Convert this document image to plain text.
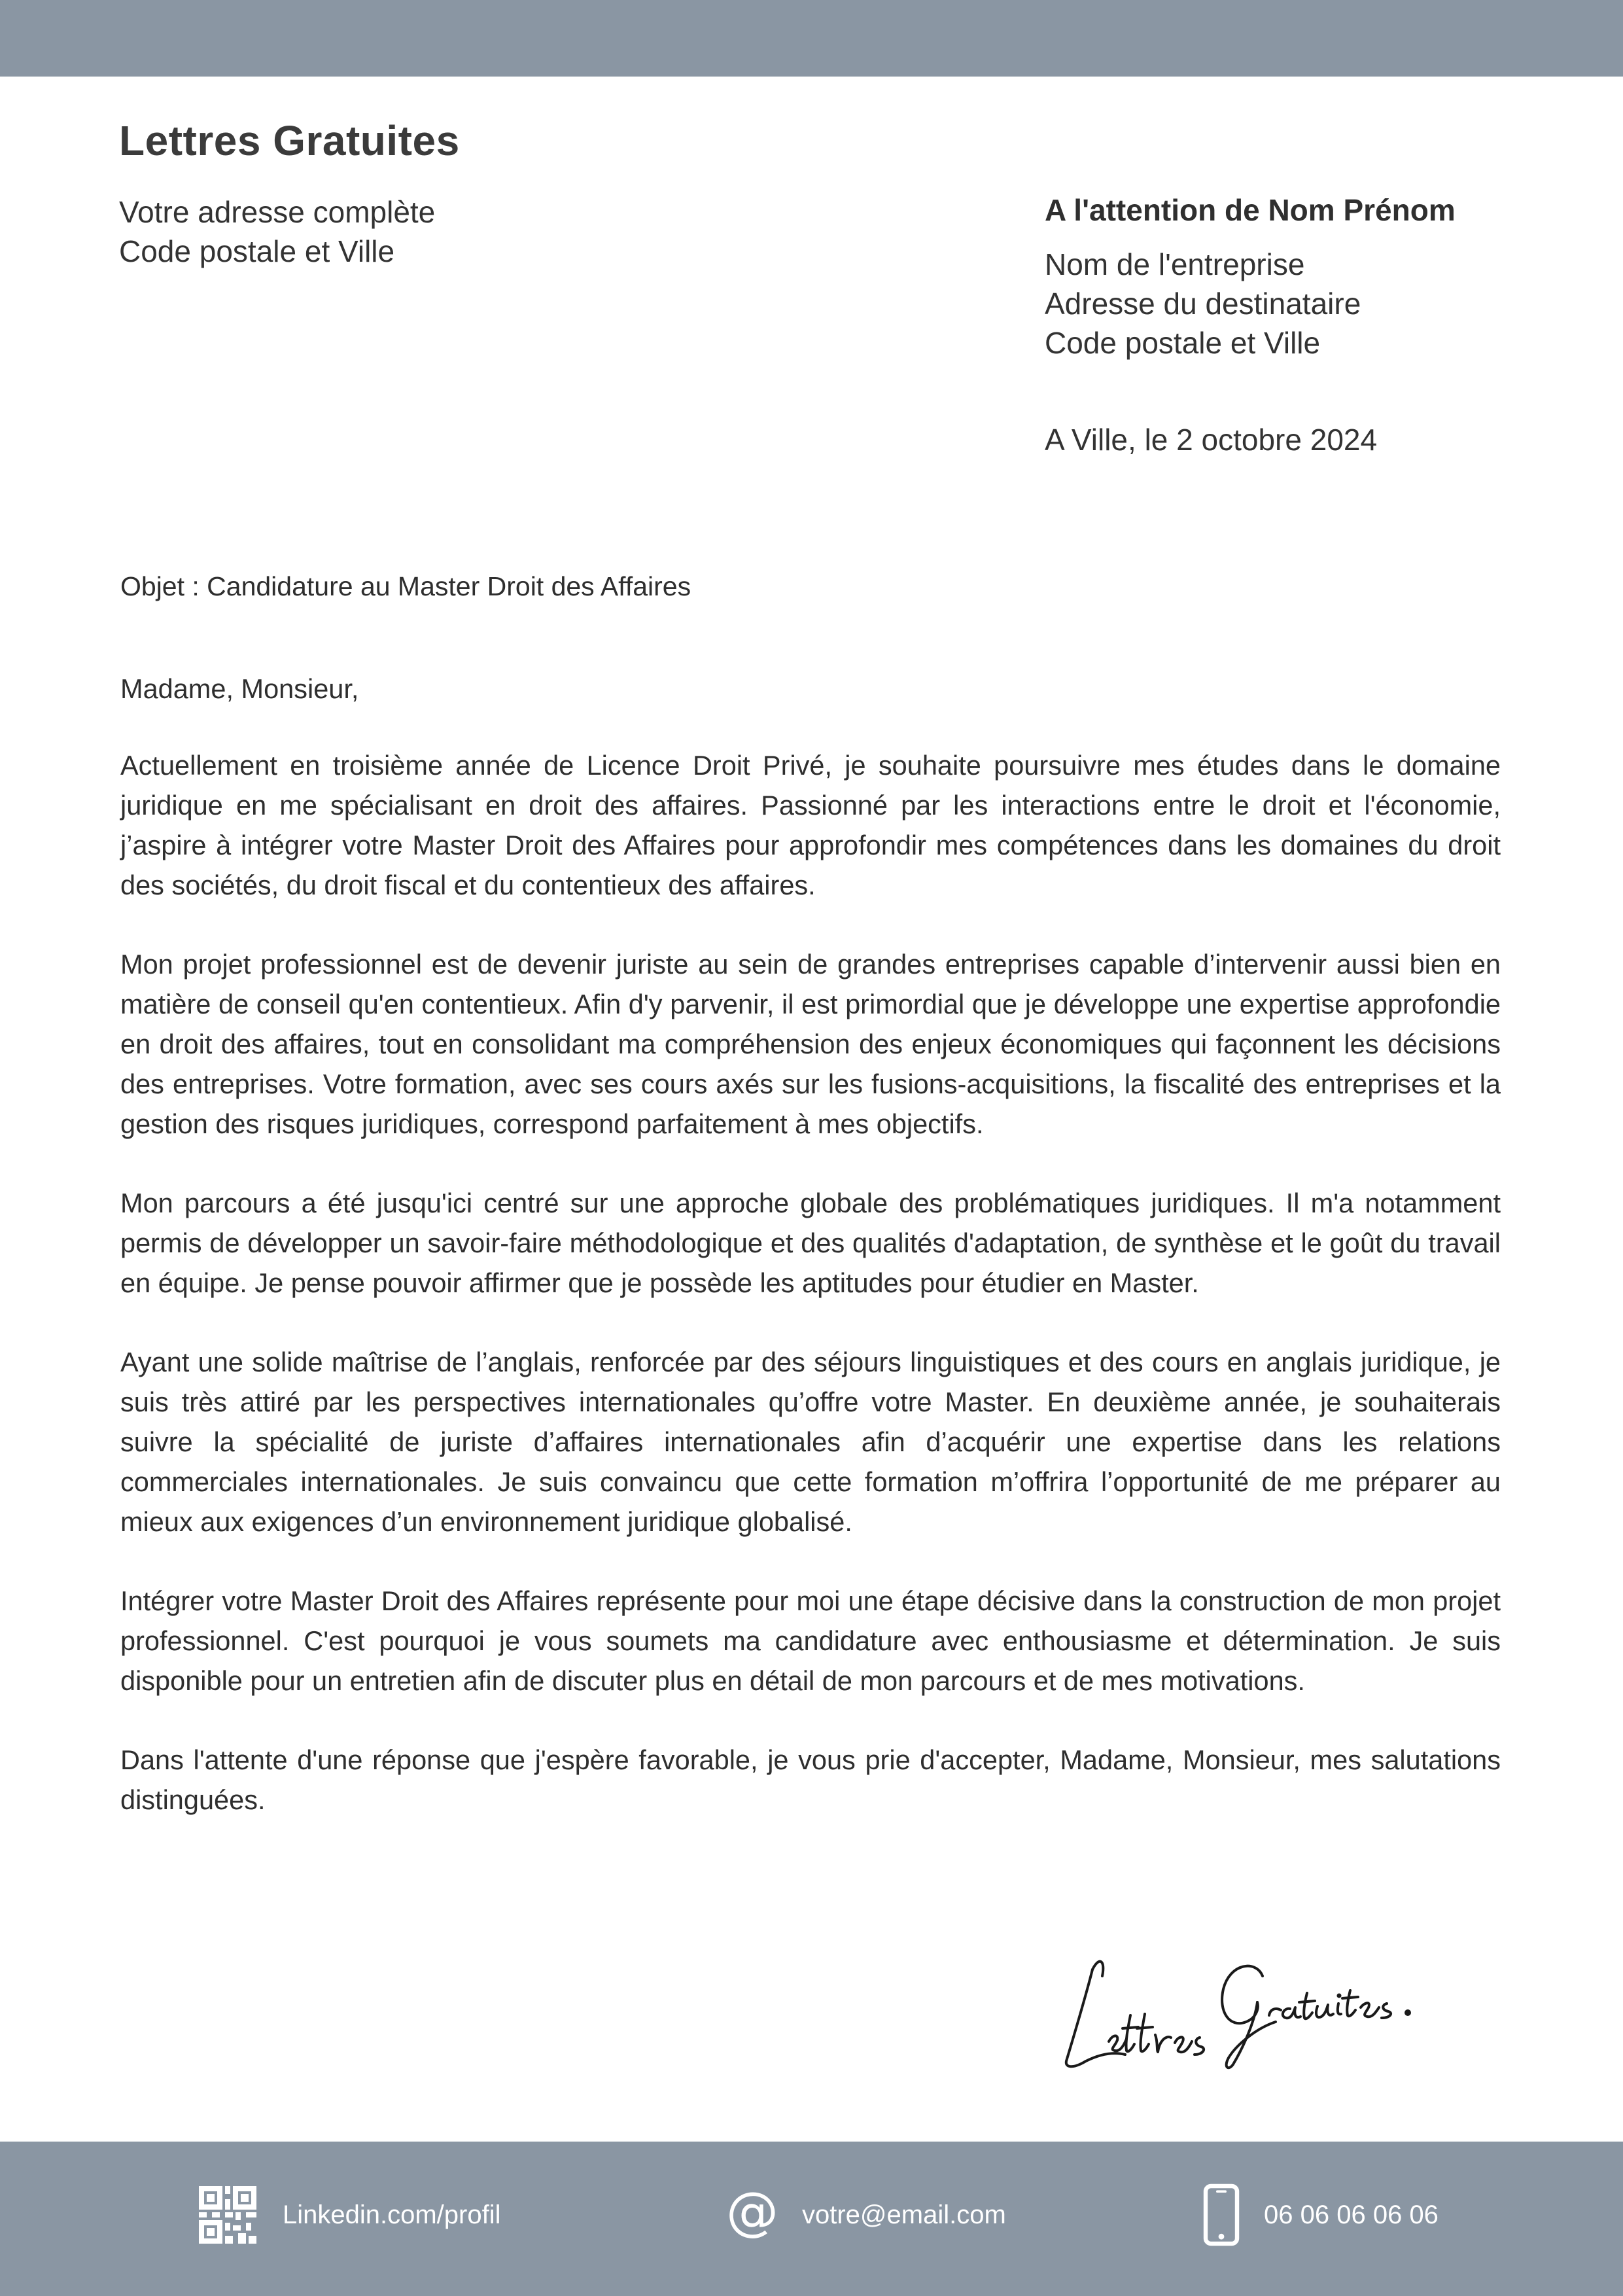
Lettres Gratuites
Votre adresse complète
Code postale et Ville
A l'attention de Nom Prénom
Nom de l'entreprise
Adresse du destinataire
Code postale et Ville
A Ville, le 2 octobre 2024
Objet : Candidature au Master Droit des Affaires

Madame, Monsieur,

Actuellement en troisième année de Licence Droit Privé, je souhaite poursuivre mes études dans le domaine juridique en me spécialisant en droit des affaires. Passionné par les interactions entre le droit et l'économie, j’aspire à intégrer votre Master Droit des Affaires pour approfondir mes compétences dans les domaines du droit des sociétés, du droit fiscal et du contentieux des affaires.

Mon projet professionnel est de devenir juriste au sein de grandes entreprises capable d’intervenir aussi bien en matière de conseil qu'en contentieux. Afin d'y parvenir, il est primordial que je développe une expertise approfondie en droit des affaires, tout en consolidant ma compréhension des enjeux économiques qui façonnent les décisions des entreprises. Votre formation, avec ses cours axés sur les fusions-acquisitions, la fiscalité des entreprises et la gestion des risques juridiques, correspond parfaitement à mes objectifs.

Mon parcours a été jusqu'ici centré sur une approche globale des problématiques juridiques. Il m'a notamment permis de développer un savoir-faire méthodologique et des qualités d'adaptation, de synthèse et le goût du travail en équipe. Je pense pouvoir affirmer que je possède les aptitudes pour étudier en Master.

Ayant une solide maîtrise de l’anglais, renforcée par des séjours linguistiques et des cours en anglais juridique, je suis très attiré par les perspectives internationales qu’offre votre Master. En deuxième année, je souhaiterais suivre la spécialité de juriste d’affaires internationales afin d’acquérir une expertise dans les relations commerciales internationales. Je suis convaincu que cette formation m’offrira l’opportunité de me préparer au mieux aux exigences d’un environnement juridique globalisé.

Intégrer votre Master Droit des Affaires représente pour moi une étape décisive dans la construction de mon projet professionnel. C'est pourquoi je vous soumets ma candidature avec enthousiasme et détermination. Je suis disponible pour un entretien afin de discuter plus en détail de mon parcours et de mes motivations.

Dans l'attente d'une réponse que j'espère favorable, je vous prie d'accepter, Madame, Monsieur, mes salutations distinguées.

Linkedin.com/profil	@ votre@email.com	06 06 06 06 06
